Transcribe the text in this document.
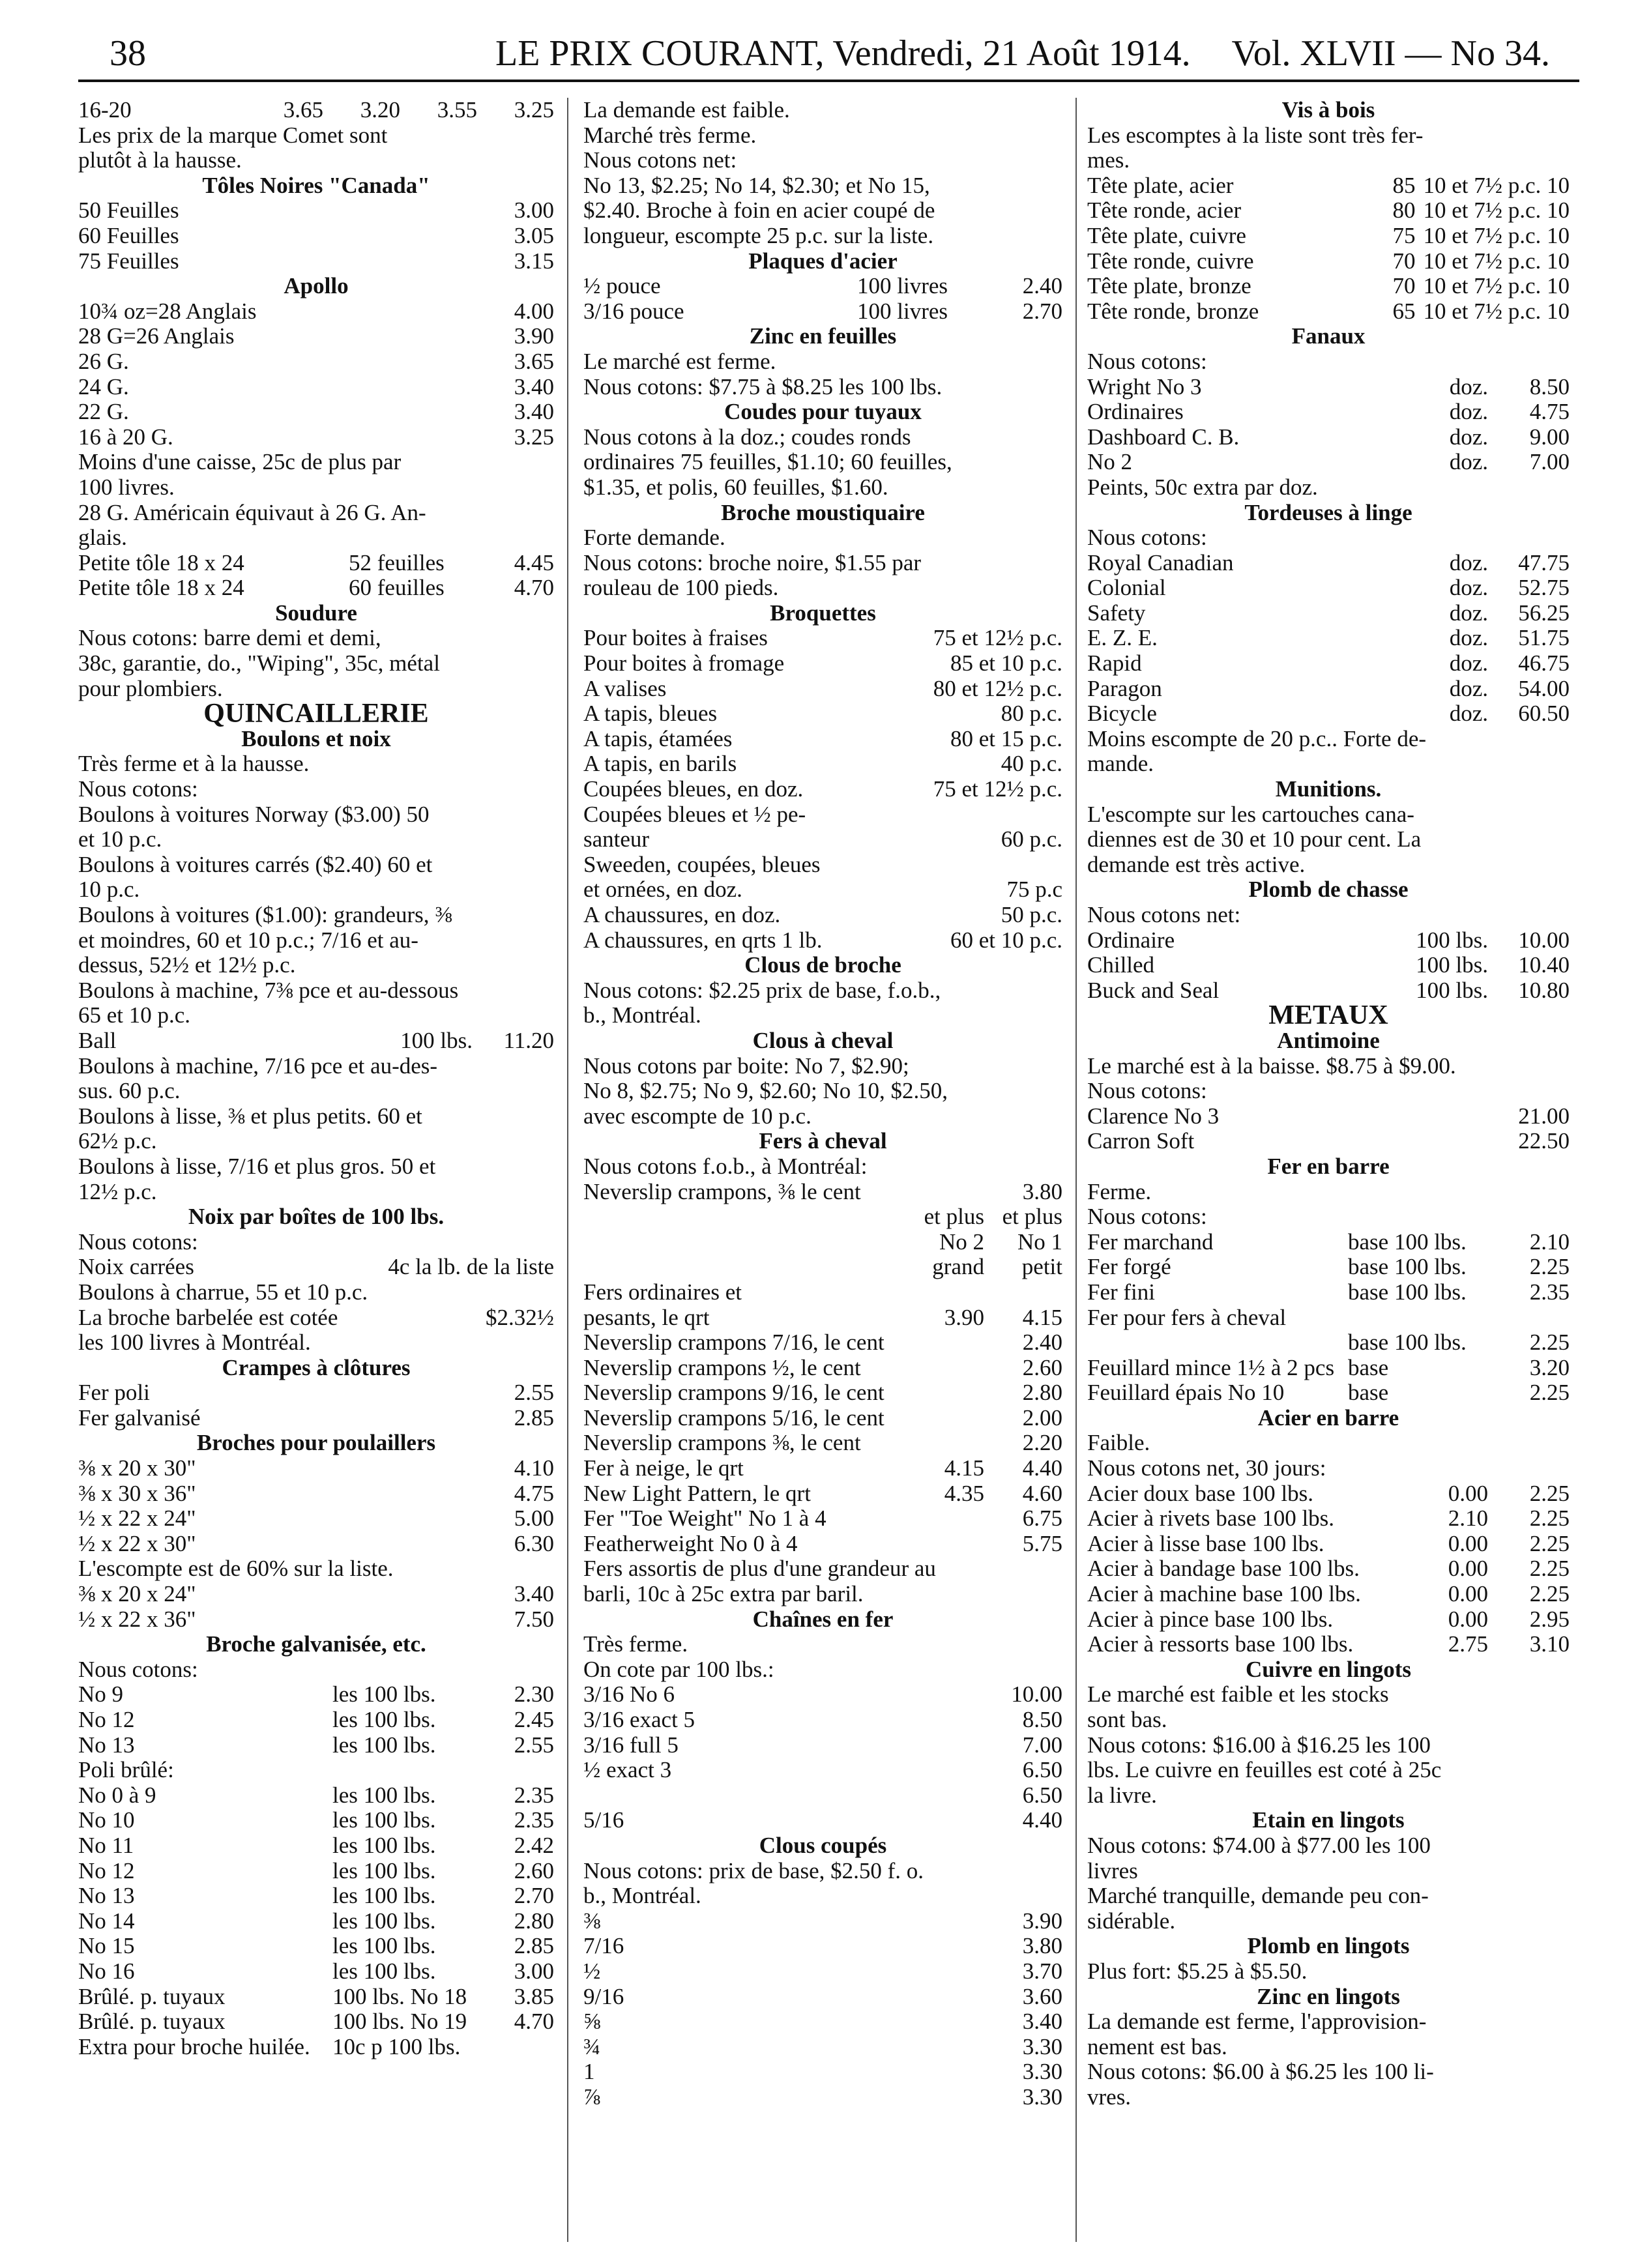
38	LE PRIX COURANT, Vendredi, 21 Août 1914. Vol. XLVII — No 34.
16-20	3.65	3.20	3.55	3.25
Les prix de la marque Comet sont
plutôt à la hausse.
Tôles Noires "Canada"
50 Feuilles	3.00
60 Feuilles	3.05
75 Feuilles	3.15
Apollo
10¾ oz=28 Anglais	4.00
28 G=26 Anglais	3.90
26 G.	3.65
24 G.	3.40
22 G.	3.40
16 à 20 G.	3.25
Moins d'une caisse, 25c de plus par
100 livres.
28 G. Américain équivaut à 26 G. An-
glais.
Petite tôle 18 x 24	52 feuilles	4.45
Petite tôle 18 x 24	60 feuilles	4.70
Soudure
Nous cotons: barre demi et demi,
38c, garantie, do., "Wiping", 35c, métal
pour plombiers.
QUINCAILLERIE
Boulons et noix
Très ferme et à la hausse.
Nous cotons:
Boulons à voitures Norway ($3.00) 50
et 10 p.c.
Boulons à voitures carrés ($2.40) 60 et
10 p.c.
Boulons à voitures ($1.00): grandeurs, ⅜
et moindres, 60 et 10 p.c.; 7/16 et au-
dessus, 52½ et 12½ p.c.
Boulons à machine, 7⅜ pce et au-dessous
65 et 10 p.c.
Ball	100 lbs.	11.20
Boulons à machine, 7/16 pce et au-des-
sus. 60 p.c.
Boulons à lisse, ⅜ et plus petits. 60 et
62½ p.c.
Boulons à lisse, 7/16 et plus gros. 50 et
12½ p.c.
Noix par boîtes de 100 lbs.
Nous cotons:
Noix carrées	4c la lb. de la liste
Boulons à charrue, 55 et 10 p.c.
La broche barbelée est cotée	$2.32½
les 100 livres à Montréal.
Crampes à clôtures
Fer poli	2.55
Fer galvanisé	2.85
Broches pour poulaillers
⅜ x 20 x 30"	4.10
⅜ x 30 x 36"	4.75
½ x 22 x 24"	5.00
½ x 22 x 30"	6.30
L'escompte est de 60% sur la liste.
⅜ x 20 x 24"	3.40
½ x 22 x 36"	7.50
Broche galvanisée, etc.
Nous cotons:
No 9	les 100 lbs.	2.30
No 12	les 100 lbs.	2.45
No 13	les 100 lbs.	2.55
Poli brûlé:
No 0 à 9	les 100 lbs.	2.35
No 10	les 100 lbs.	2.35
No 11	les 100 lbs.	2.42
No 12	les 100 lbs.	2.60
No 13	les 100 lbs.	2.70
No 14	les 100 lbs.	2.80
No 15	les 100 lbs.	2.85
No 16	les 100 lbs.	3.00
Brûlé. p. tuyaux	100 lbs. No 18	3.85
Brûlé. p. tuyaux	100 lbs. No 19	4.70
Extra pour broche huilée. 10c p 100 lbs.
La demande est faible.
Marché très ferme.
Nous cotons net:
No 13, $2.25; No 14, $2.30; et No 15,
$2.40. Broche à foin en acier coupé de
longueur, escompte 25 p.c. sur la liste.
Plaques d'acier
½ pouce	100 livres	2.40
3/16 pouce	100 livres	2.70
Zinc en feuilles
Le marché est ferme.
Nous cotons: $7.75 à $8.25 les 100 lbs.
Coudes pour tuyaux
Nous cotons à la doz.; coudes ronds
ordinaires 75 feuilles, $1.10; 60 feuilles,
$1.35, et polis, 60 feuilles, $1.60.
Broche moustiquaire
Forte demande.
Nous cotons: broche noire, $1.55 par
rouleau de 100 pieds.
Broquettes
Pour boites à fraises	75 et 12½ p.c.
Pour boites à fromage	85 et 10 p.c.
A valises	80 et 12½ p.c.
A tapis, bleues	80 p.c.
A tapis, étamées	80 et 15 p.c.
A tapis, en barils	40 p.c.
Coupées bleues, en doz.	75 et 12½ p.c.
Coupées bleues et ½ pe-
santeur	60 p.c.
Sweeden, coupées, bleues
et ornées, en doz.	75 p.c
A chaussures, en doz.	50 p.c.
A chaussures, en qrts 1 lb.	60 et 10 p.c.
Clous de broche
Nous cotons: $2.25 prix de base, f.o.b.,
b., Montréal.
Clous à cheval
Nous cotons par boite: No 7, $2.90;
No 8, $2.75; No 9, $2.60; No 10, $2.50,
avec escompte de 10 p.c.
Fers à cheval
Nous cotons f.o.b., à Montréal:
Neverslip crampons, ⅜ le cent	3.80
et plus et plus
No 2	No 1
grand	petit
Fers ordinaires et
pesants, le qrt	3.90	4.15
Neverslip crampons 7/16, le cent	2.40
Neverslip crampons ½, le cent	2.60
Neverslip crampons 9/16, le cent	2.80
Neverslip crampons 5/16, le cent	2.00
Neverslip crampons ⅜, le cent	2.20
Fer à neige, le qrt	4.15	4.40
New Light Pattern, le qrt	4.35	4.60
Fer "Toe Weight" No 1 à 4	6.75
Featherweight No 0 à 4	5.75
Fers assortis de plus d'une grandeur au
barli, 10c à 25c extra par baril.
Chaînes en fer
Très ferme.
On cote par 100 lbs.:
3/16 No 6	10.00
3/16 exact 5	8.50
3/16 full 5	7.00
½ exact 3	6.50
6.50
5/16	4.40
Clous coupés
Nous cotons: prix de base, $2.50 f. o.
b., Montréal.
⅜	3.90
7/16	3.80
½	3.70
9/16	3.60
⅝	3.40
¾	3.30
1	3.30
⅞	3.30
Vis à bois
Les escomptes à la liste sont très fer-
mes.
Tête plate, acier	85 10 et 7½ p.c. 10
Tête ronde, acier	80 10 et 7½ p.c. 10
Tête plate, cuivre	75 10 et 7½ p.c. 10
Tête ronde, cuivre	70 10 et 7½ p.c. 10
Tête plate, bronze	70 10 et 7½ p.c. 10
Tête ronde, bronze	65 10 et 7½ p.c. 10
Fanaux
Nous cotons:
Wright No 3	doz.	8.50
Ordinaires	doz.	4.75
Dashboard C. B.	doz.	9.00
No 2	doz.	7.00
Peints, 50c extra par doz.
Tordeuses à linge
Nous cotons:
Royal Canadian	doz.	47.75
Colonial	doz.	52.75
Safety	doz.	56.25
E. Z. E.	doz.	51.75
Rapid	doz.	46.75
Paragon	doz.	54.00
Bicycle	doz.	60.50
Moins escompte de 20 p.c.. Forte de-
mande.
Munitions.
L'escompte sur les cartouches cana-
diennes est de 30 et 10 pour cent. La
demande est très active.
Plomb de chasse
Nous cotons net:
Ordinaire	100 lbs.	10.00
Chilled	100 lbs.	10.40
Buck and Seal	100 lbs.	10.80
METAUX
Antimoine
Le marché est à la baisse. $8.75 à $9.00.
Nous cotons:
Clarence No 3	21.00
Carron Soft	22.50
Fer en barre
Ferme.
Nous cotons:
Fer marchand	base 100 lbs.	2.10
Fer forgé	base 100 lbs.	2.25
Fer fini	base 100 lbs.	2.35
Fer pour fers à cheval
base 100 lbs.	2.25
Feuillard mince 1½ à 2 pcs base	3.20
Feuillard épais No 10	base	2.25
Acier en barre
Faible.
Nous cotons net, 30 jours:
Acier doux base 100 lbs.	0.00	2.25
Acier à rivets base 100 lbs.	2.10	2.25
Acier à lisse base 100 lbs.	0.00	2.25
Acier à bandage base 100 lbs.	0.00	2.25
Acier à machine base 100 lbs.	0.00	2.25
Acier à pince base 100 lbs.	0.00	2.95
Acier à ressorts base 100 lbs.	2.75	3.10
Cuivre en lingots
Le marché est faible et les stocks
sont bas.
Nous cotons: $16.00 à $16.25 les 100
lbs. Le cuivre en feuilles est coté à 25c
la livre.
Etain en lingots
Nous cotons: $74.00 à $77.00 les 100
livres
Marché tranquille, demande peu con-
sidérable.
Plomb en lingots
Plus fort: $5.25 à $5.50.
Zinc en lingots
La demande est ferme, l'approvision-
nement est bas.
Nous cotons: $6.00 à $6.25 les 100 li-
vres.
